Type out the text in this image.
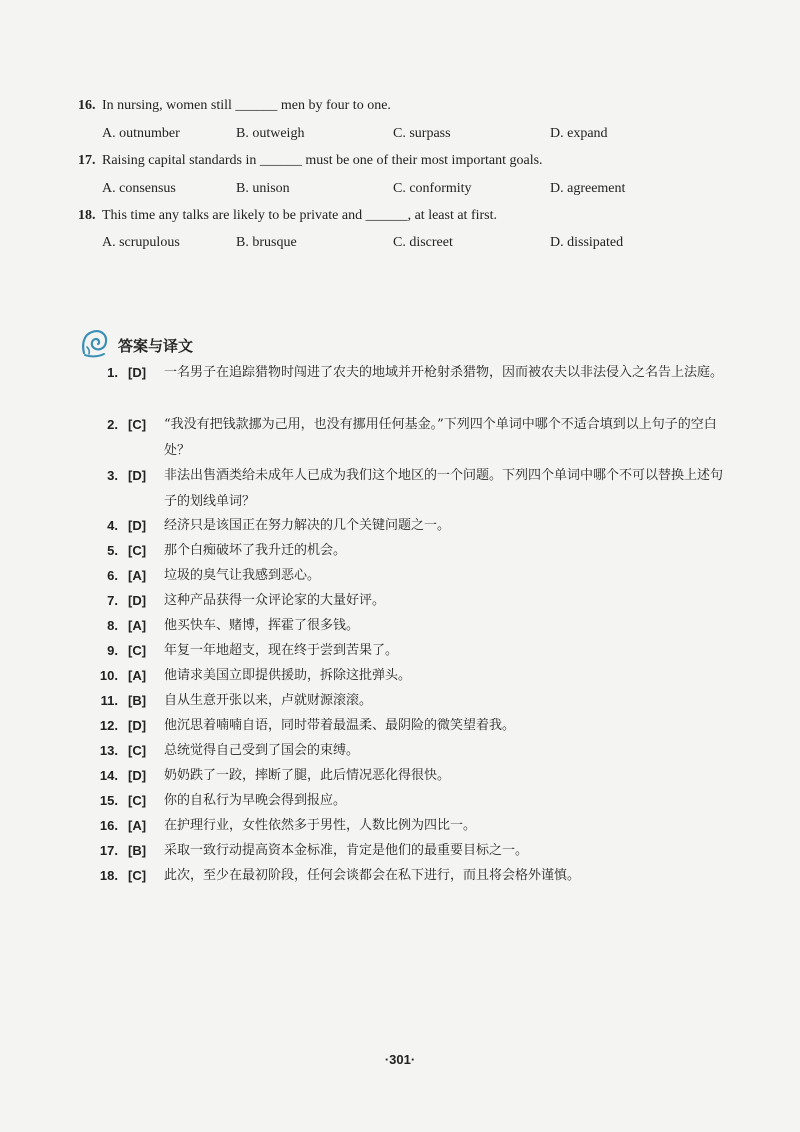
16. In nursing, women still ______ men by four to one.
A. outnumber	B. outweigh	C. surpass	D. expand
17. Raising capital standards in ______ must be one of their most important goals.
A. consensus	B. unison	C. conformity	D. agreement
18. This time any talks are likely to be private and ______, at least at first.
A. scrupulous	B. brusque	C. discreet	D. dissipated
答案与译文
1. [D] 一名男子在追踪猎物时闯进了农夫的地域并开枪射杀猎物，因而被农夫以非法侵入之名告上法庭。
2. [C] “我没有把钱款挪为己用，也没有挪用任何基金。”下列四个单词中哪个不适合填到以上句子的空白处？
3. [D] 非法出售酒类给未成年人已成为我们这个地区的一个问题。下列四个单词中哪个不可以替换上述句子的划线单词？
4. [D] 经济只是该国正在努力解决的几个关键问题之一。
5. [C] 那个白痴破坏了我升迁的机会。
6. [A] 垃圾的臭气让我感到恶心。
7. [D] 这种产品获得一众评论家的大量好评。
8. [A] 他买快车、赌博，挥霍了很多钱。
9. [C] 年复一年地超支，现在终于尝到苦果了。
10. [A] 他请求美国立即提供援助，拆除这批弹头。
11. [B] 自从生意开张以来，卢就财源滚滚。
12. [D] 他沉思着喃喃自语，同时带着最温柔、最阴险的微笑望着我。
13. [C] 总统觉得自己受到了国会的束缚。
14. [D] 奶奶跌了一跤，摔断了腿，此后情况恶化得很快。
15. [C] 你的自私行为早晚会得到报应。
16. [A] 在护理行业，女性依然多于男性，人数比例为四比一。
17. [B] 采取一致行动提高资本金标准，肯定是他们的最重要目标之一。
18. [C] 此次，至少在最初阶段，任何会谈都会在私下进行，而且将会格外谨慎。
·301·
